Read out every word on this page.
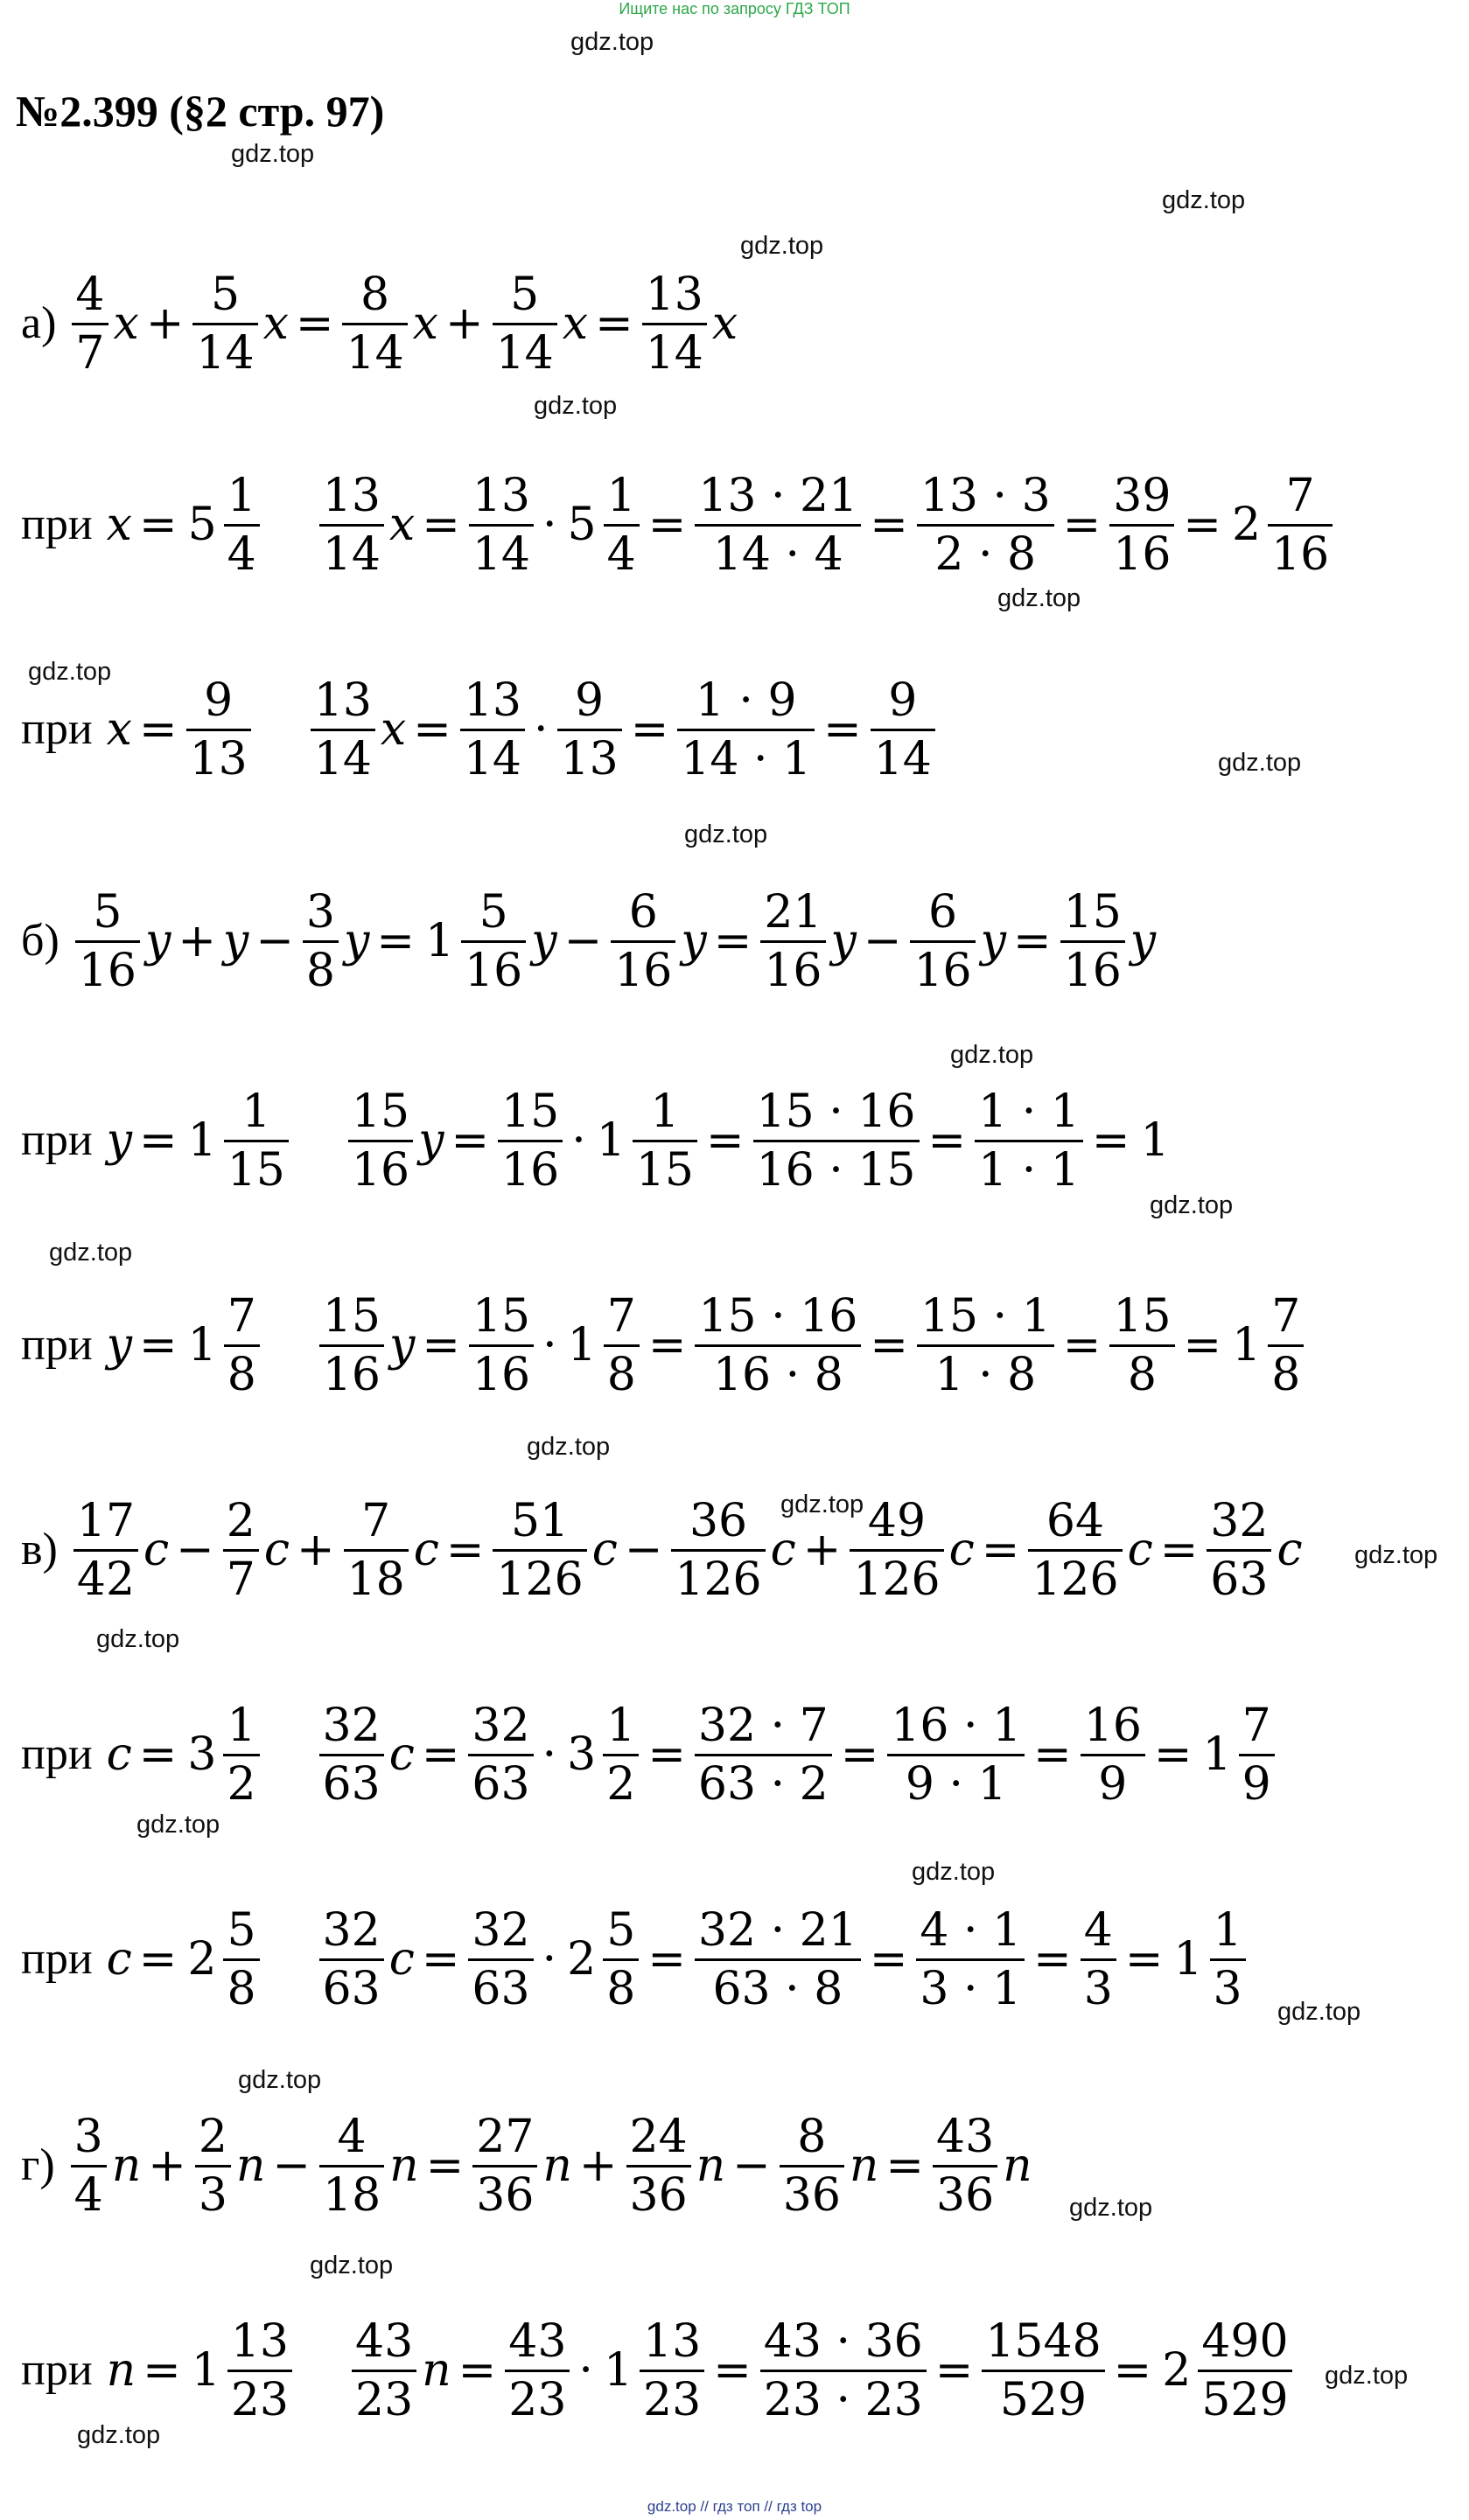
Ищите нас по запросу ГДЗ ТОП
№2.399 (§2 стр. 97)
gdz.top
gdz.top
gdz.top
gdz.top
gdz.top
gdz.top
gdz.top
gdz.top
gdz.top
gdz.top
gdz.top
gdz.top
gdz.top
gdz.top
gdz.top
gdz.top
gdz.top
gdz.top
gdz.top
gdz.top
gdz.top
gdz.top
gdz.top
gdz.top
$а) \frac{4}{7}$ $x + \frac{5}{14}$ $x = \frac{8}{14}$ $x + \frac{5}{14}$ $x = \frac{13}{14}$ x
при $x = 5 \frac{1}{4} \frac{13}{14}$ $x = \frac{13}{14} \cdot 5 \frac{1}{4} = \frac{13 \cdot 21}{14 \cdot 4} = \frac{13 \cdot 3}{2 \cdot 8} = \frac{39}{16} = 2 \frac{7}{16}$
при $x = \frac{9}{13} \frac{13}{14}$ $x = \frac{13}{14} \cdot \frac{9}{13} = \frac{1 \cdot 9}{14 \cdot 1} = \frac{9}{14}$
$б) \frac{5}{16}$ $y + y - \frac{3}{8}$ $y = 1 \frac{5}{16}$ $y - \frac{6}{16}$ $y = \frac{21}{16}$ $y - \frac{6}{16}$ $y = \frac{15}{16}$ y
при $y = 1 \frac{1}{15} \frac{15}{16}$ $y = \frac{15}{16} \cdot 1 \frac{1}{15} = \frac{15 \cdot 16}{16 \cdot 15} = \frac{1 \cdot 1}{1 \cdot 1} = 1$
при $y = 1 \frac{7}{8} \frac{15}{16}$ $y = \frac{15}{16} \cdot 1 \frac{7}{8} = \frac{15 \cdot 16}{16 \cdot 8} = \frac{15 \cdot 1}{1 \cdot 8} = \frac{15}{8} = 1 \frac{7}{8}$
$в) \frac{17}{42}$ $c - \frac{2}{7}$ $c + \frac{7}{18}$ $c = \frac{51}{126}$ $c - \frac{36}{126}$ $c + \frac{49}{126}$ $c = \frac{64}{126}$ $c = \frac{32}{63}$ c
при $c = 3 \frac{1}{2} \frac{32}{63}$ $c = \frac{32}{63} \cdot 3 \frac{1}{2} = \frac{32 \cdot 7}{63 \cdot 2} = \frac{16 \cdot 1}{9 \cdot 1} = \frac{16}{9} = 1 \frac{7}{9}$
при $c = 2 \frac{5}{8} \frac{32}{63}$ $c = \frac{32}{63} \cdot 2 \frac{5}{8} = \frac{32 \cdot 21}{63 \cdot 8} = \frac{4 \cdot 1}{3 \cdot 1} = \frac{4}{3} = 1 \frac{1}{3}$
$г) \frac{3}{4}$ $n + \frac{2}{3}$ $n - \frac{4}{18}$ $n = \frac{27}{36}$ $n + \frac{24}{36}$ $n - \frac{8}{36}$ $n = \frac{43}{36}$ n
при $n = 1 \frac{13}{23} \frac{43}{23}$ $n = \frac{43}{23} \cdot 1 \frac{13}{23} = \frac{43 \cdot 36}{23 \cdot 23} = \frac{1548}{529} = 2 \frac{490}{529}$
gdz.top // гдз топ // гдз top
